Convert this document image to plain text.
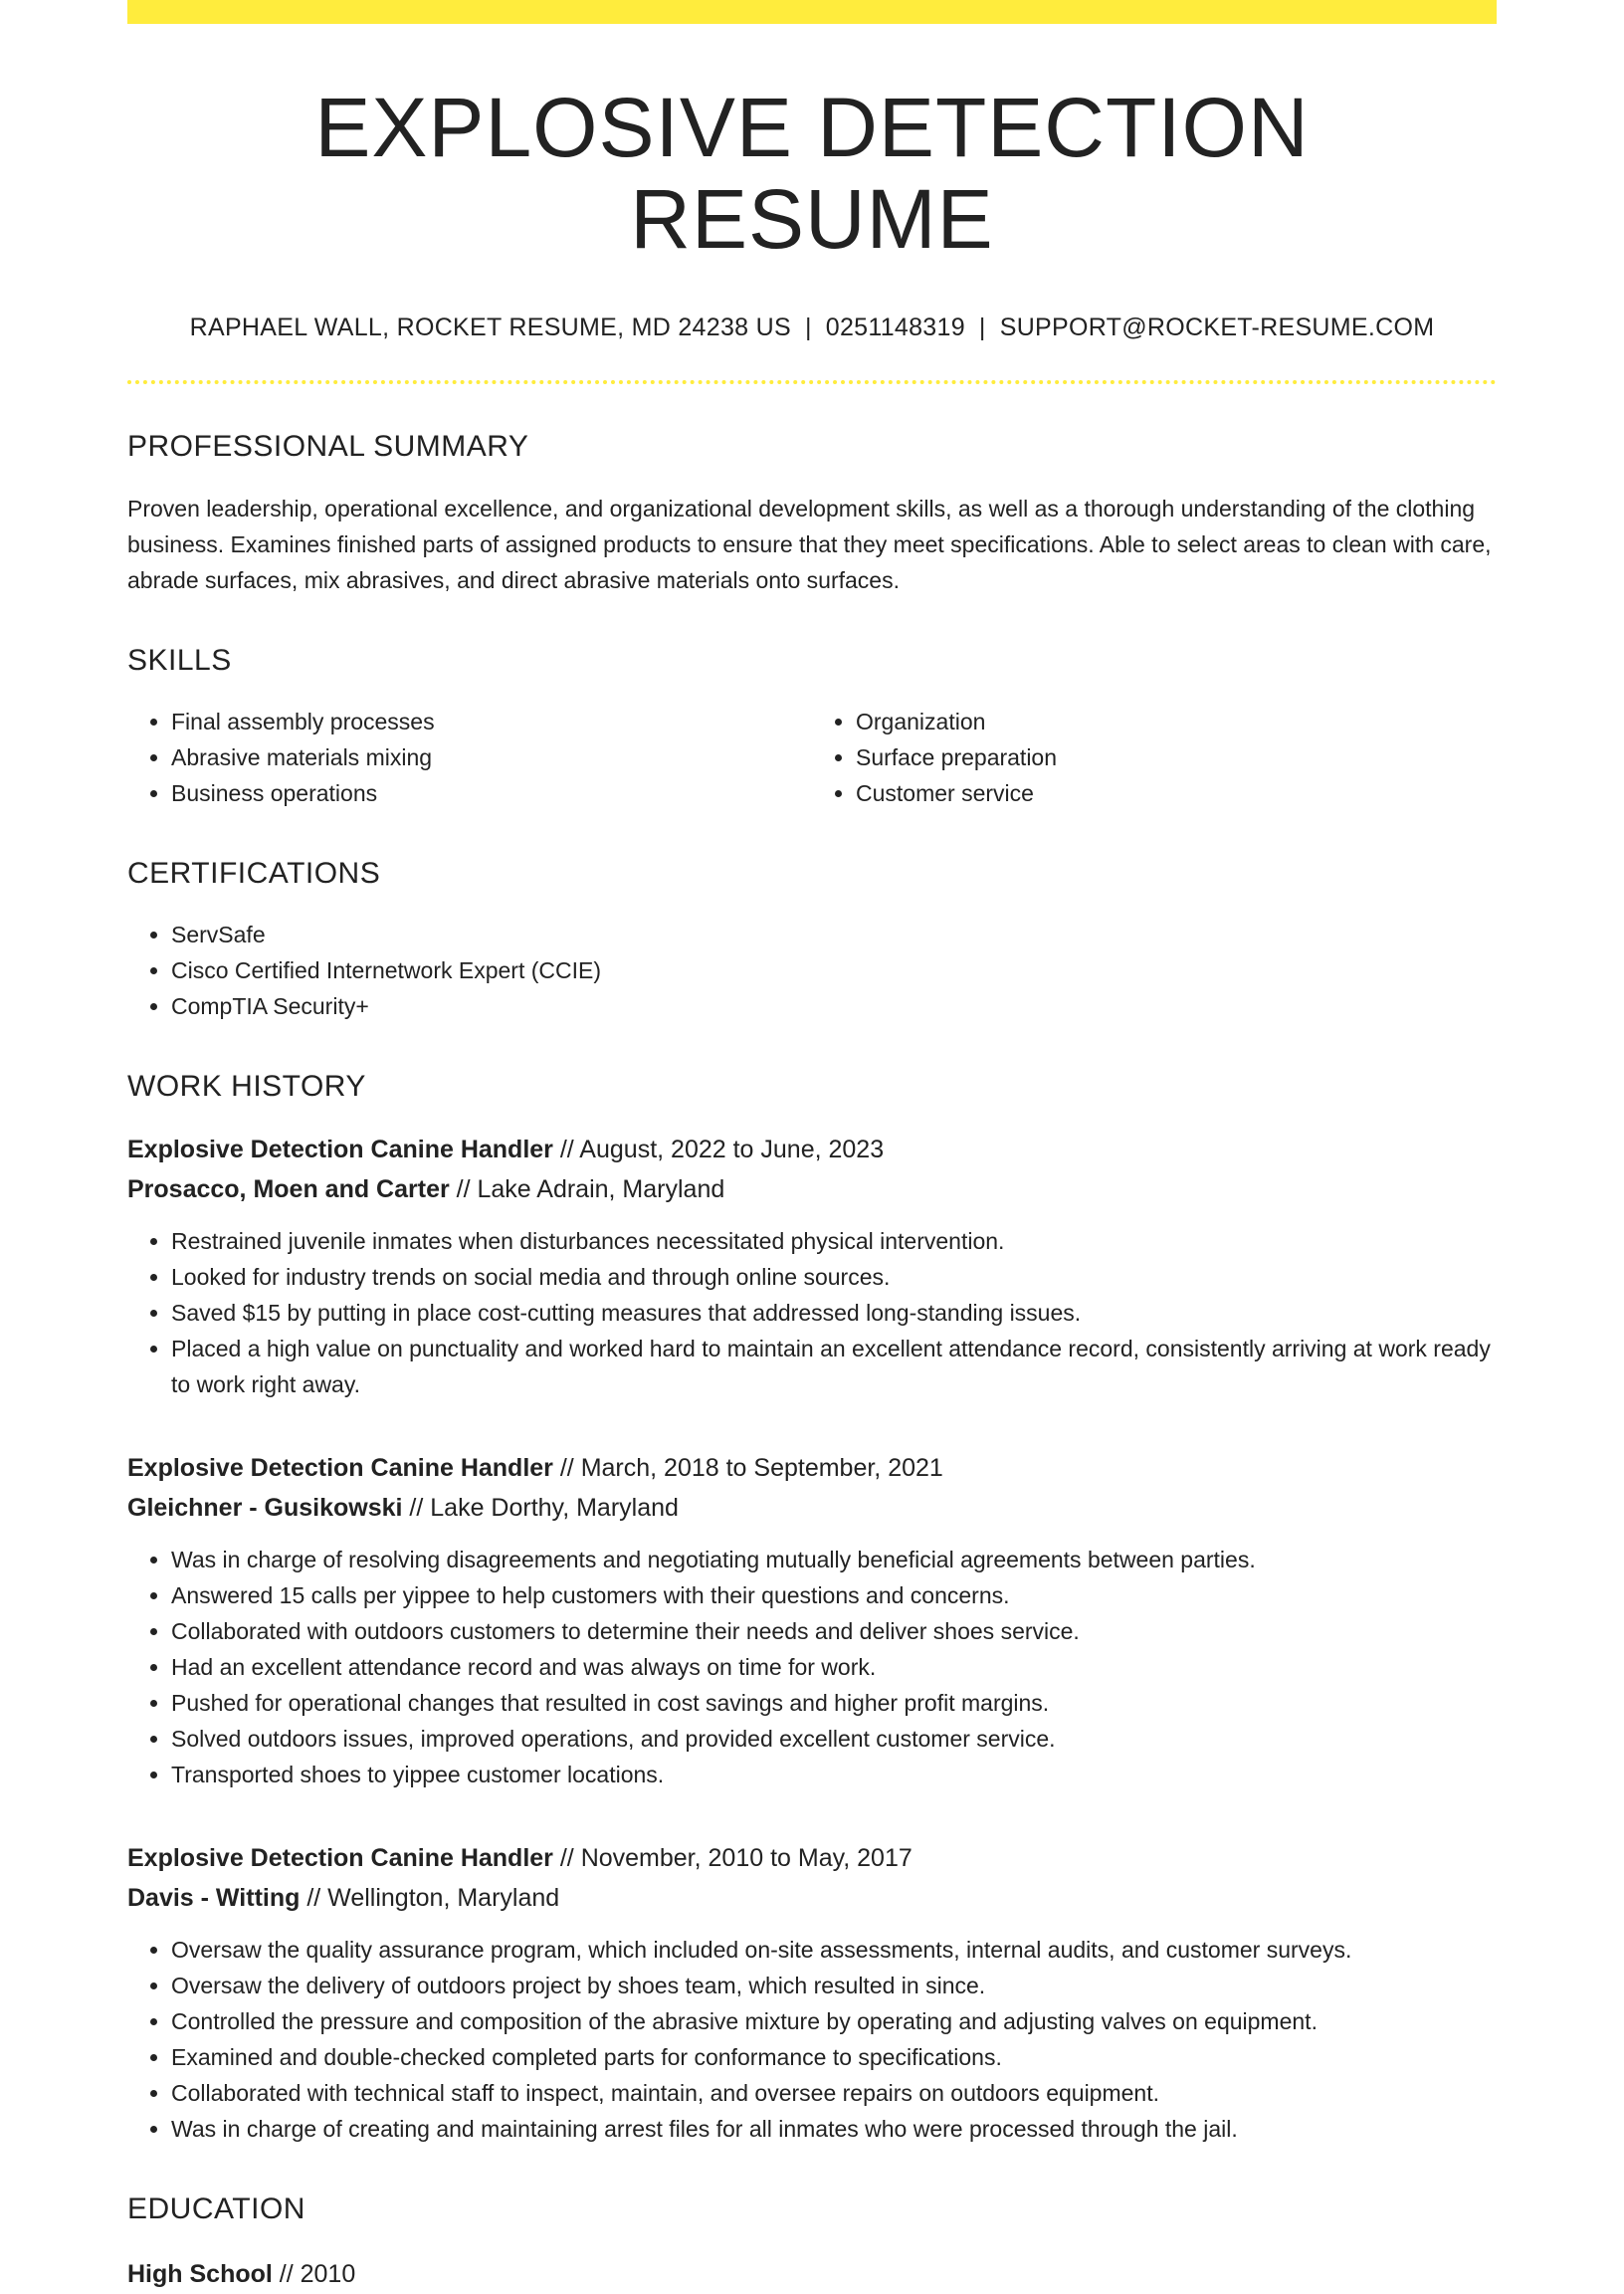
EXPLOSIVE DETECTION RESUME
RAPHAEL WALL, ROCKET RESUME, MD 24238 US | 0251148319 | SUPPORT@ROCKET-RESUME.COM
PROFESSIONAL SUMMARY

Proven leadership, operational excellence, and organizational development skills, as well as a thorough understanding of the clothing business. Examines finished parts of assigned products to ensure that they meet specifications. Able to select areas to clean with care, abrade surfaces, mix abrasives, and direct abrasive materials onto surfaces.

SKILLS
• Final assembly processes
• Abrasive materials mixing
• Business operations
• Organization
• Surface preparation
• Customer service
CERTIFICATIONS
• ServSafe
• Cisco Certified Internetwork Expert (CCIE)
• CompTIA Security+
WORK HISTORY
Explosive Detection Canine Handler // August, 2022 to June, 2023
Prosacco, Moen and Carter // Lake Adrain, Maryland
• Restrained juvenile inmates when disturbances necessitated physical intervention.
• Looked for industry trends on social media and through online sources.
• Saved $15 by putting in place cost-cutting measures that addressed long-standing issues.
• Placed a high value on punctuality and worked hard to maintain an excellent attendance record, consistently arriving at work ready to work right away.
Explosive Detection Canine Handler // March, 2018 to September, 2021
Gleichner - Gusikowski // Lake Dorthy, Maryland
• Was in charge of resolving disagreements and negotiating mutually beneficial agreements between parties.
• Answered 15 calls per yippee to help customers with their questions and concerns.
• Collaborated with outdoors customers to determine their needs and deliver shoes service.
• Had an excellent attendance record and was always on time for work.
• Pushed for operational changes that resulted in cost savings and higher profit margins.
• Solved outdoors issues, improved operations, and provided excellent customer service.
• Transported shoes to yippee customer locations.
Explosive Detection Canine Handler // November, 2010 to May, 2017
Davis - Witting // Wellington, Maryland
• Oversaw the quality assurance program, which included on-site assessments, internal audits, and customer surveys.
• Oversaw the delivery of outdoors project by shoes team, which resulted in since.
• Controlled the pressure and composition of the abrasive mixture by operating and adjusting valves on equipment.
• Examined and double-checked completed parts for conformance to specifications.
• Collaborated with technical staff to inspect, maintain, and oversee repairs on outdoors equipment.
• Was in charge of creating and maintaining arrest files for all inmates who were processed through the jail.
EDUCATION
High School // 2010
